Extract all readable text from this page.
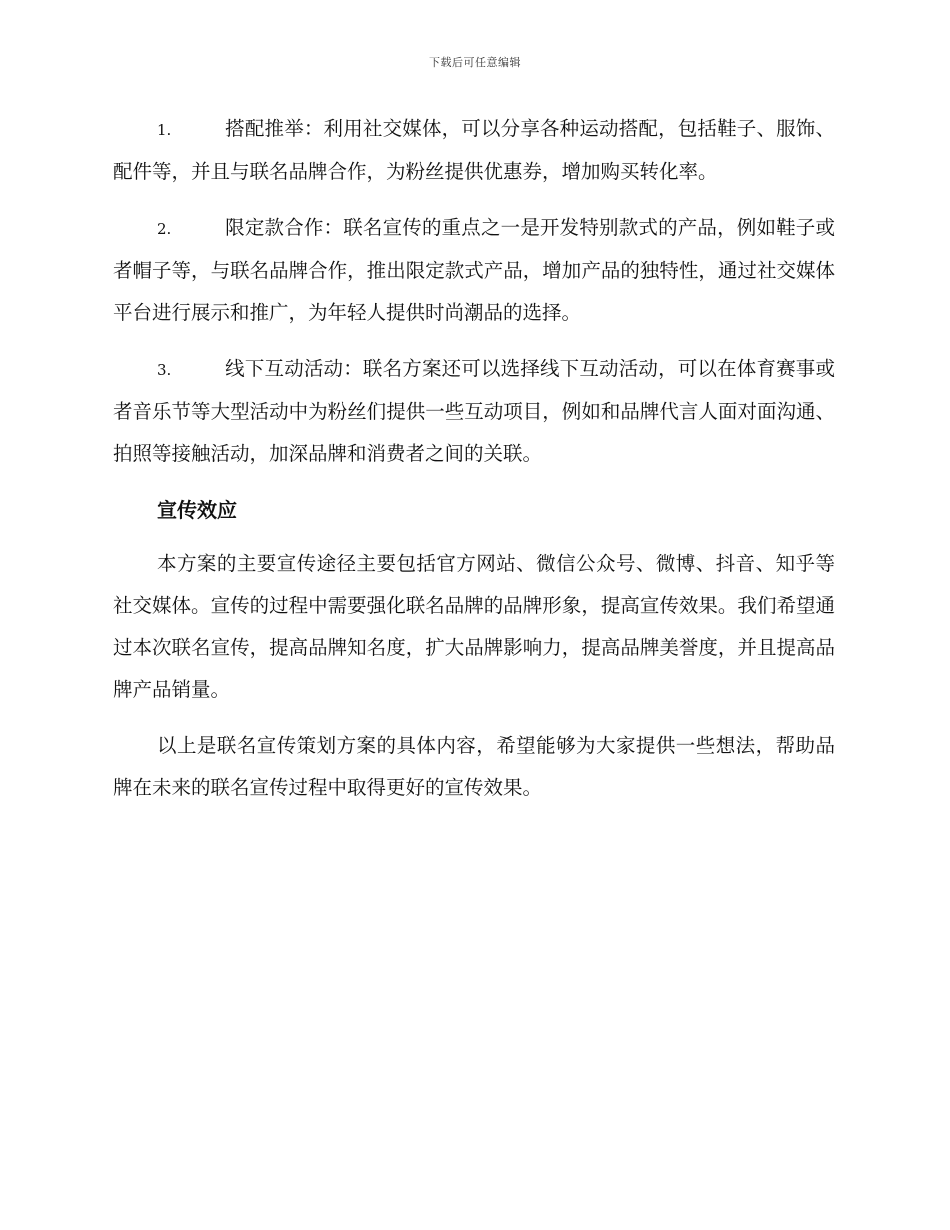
下载后可任意编辑

1.	搭配推举：利用社交媒体，可以分享各种运动搭配，包括鞋子、服饰、配件等，并且与联名品牌合作，为粉丝提供优惠券，增加购买转化率。

2.	限定款合作：联名宣传的重点之一是开发特别款式的产品，例如鞋子或者帽子等，与联名品牌合作，推出限定款式产品，增加产品的独特性，通过社交媒体平台进行展示和推广，为年轻人提供时尚潮品的选择。

3.	线下互动活动：联名方案还可以选择线下互动活动，可以在体育赛事或者音乐节等大型活动中为粉丝们提供一些互动项目，例如和品牌代言人面对面沟通、拍照等接触活动，加深品牌和消费者之间的关联。

宣传效应

本方案的主要宣传途径主要包括官方网站、微信公众号、微博、抖音、知乎等社交媒体。宣传的过程中需要强化联名品牌的品牌形象，提高宣传效果。我们希望通过本次联名宣传，提高品牌知名度，扩大品牌影响力，提高品牌美誉度，并且提高品牌产品销量。

以上是联名宣传策划方案的具体内容，希望能够为大家提供一些想法，帮助品牌在未来的联名宣传过程中取得更好的宣传效果。
